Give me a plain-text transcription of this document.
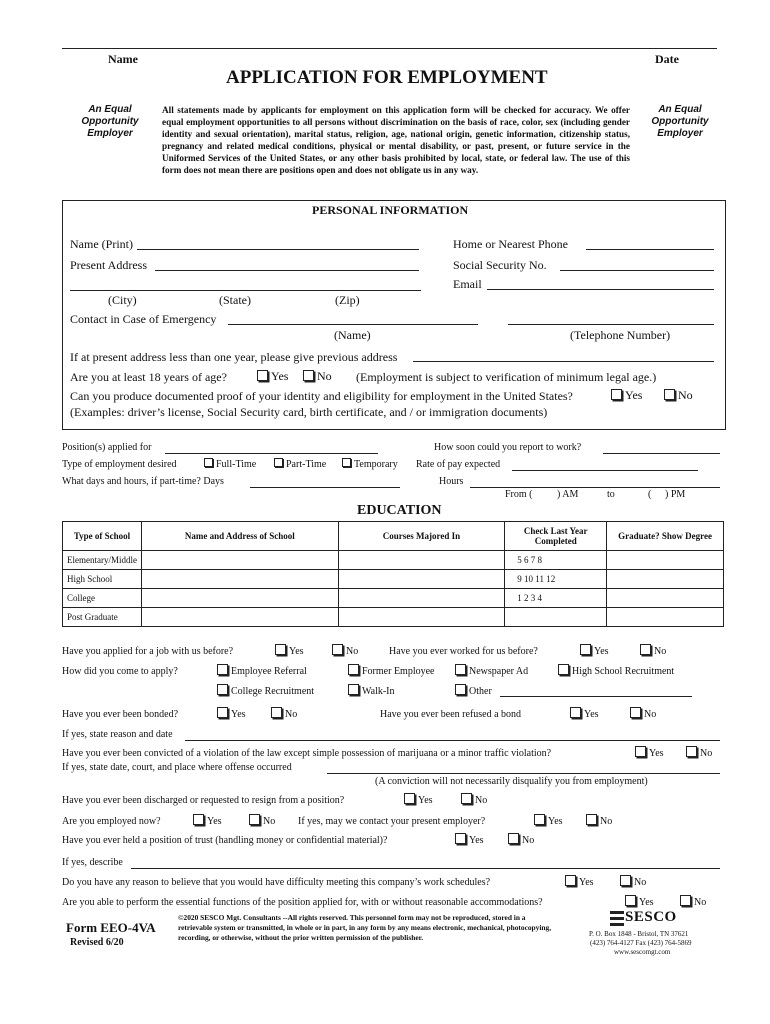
Name	Date
APPLICATION FOR EMPLOYMENT
An Equal Opportunity Employer
An Equal Opportunity Employer
All statements made by applicants for employment on this application form will be checked for accuracy. We offer equal employment opportunities to all persons without discrimination on the basis of race, color, sex (including gender identity and sexual orientation), marital status, religion, age, national origin, genetic information, citizenship status, pregnancy and related medical conditions, physical or mental disability, or past, present, or future service in the Uniformed Services of the United States, or any other basis prohibited by local, state, or federal law. The use of this form does not mean there are positions open and does not obligate us in any way.
PERSONAL INFORMATION
Name (Print)	Home or Nearest Phone
Present Address	Social Security No.
Email
(City)	(State)	(Zip)
Contact in Case of Emergency
(Name)	(Telephone Number)
If at present address less than one year, please give previous address
Are you at least 18 years of age?	Yes	No (Employment is subject to verification of minimum legal age.)
Can you produce documented proof of your identity and eligibility for employment in the United States?	Yes	No
(Examples: driver’s license, Social Security card, birth certificate, and / or immigration documents)
Position(s) applied for	How soon could you report to work?
Type of employment desired	Full-Time	Part-Time	Temporary Rate of pay expected
What days and hours, if part-time? Days	Hours
From ( ) AM	to	( ) PM
EDUCATION
Type of School	Name and Address of School	Courses Majored In	Check Last Year Completed	Graduate? Show Degree
Elementary/Middle			5 6 7 8	
High School			9 10 11 12	
College			1 2 3 4	
Post Graduate				
Have you applied for a job with us before?	Yes	No	Have you ever worked for us before?	Yes	No
How did you come to apply?	Employee Referral	Former Employee	Newspaper Ad	High School Recruitment
College Recruitment	Walk-In	Other
Have you ever been bonded?	Yes	No	Have you ever been refused a bond	Yes	No
If yes, state reason and date
Have you ever been convicted of a violation of the law except simple possession of marijuana or a minor traffic violation?	Yes	No
If yes, state date, court, and place where offense occurred
(A conviction will not necessarily disqualify you from employment)
Have you ever been discharged or requested to resign from a position?	Yes	No
Are you employed now?	Yes	No If yes, may we contact your present employer?	Yes	No
Have you ever held a position of trust (handling money or confidential material)?	Yes	No
If yes, describe
Do you have any reason to believe that you would have difficulty meeting this company’s work schedules?	Yes	No
Are you able to perform the essential functions of the position applied for, with or without reasonable accommodations?	Yes	No
Form EEO-4VA
Revised 6/20
©2020 SESCO Mgt. Consultants --All rights reserved. This personnel form may not be reproduced, stored in a retrievable system or transmitted, in whole or in part, in any form by any means electronic, mechanical, photocopying, recording, or otherwise, without the prior written permission of the publisher.
SESCO
P. O. Box 1848 - Bristol, TN 37621
(423) 764-4127 Fax (423) 764-5869
www.sescomgt.com
